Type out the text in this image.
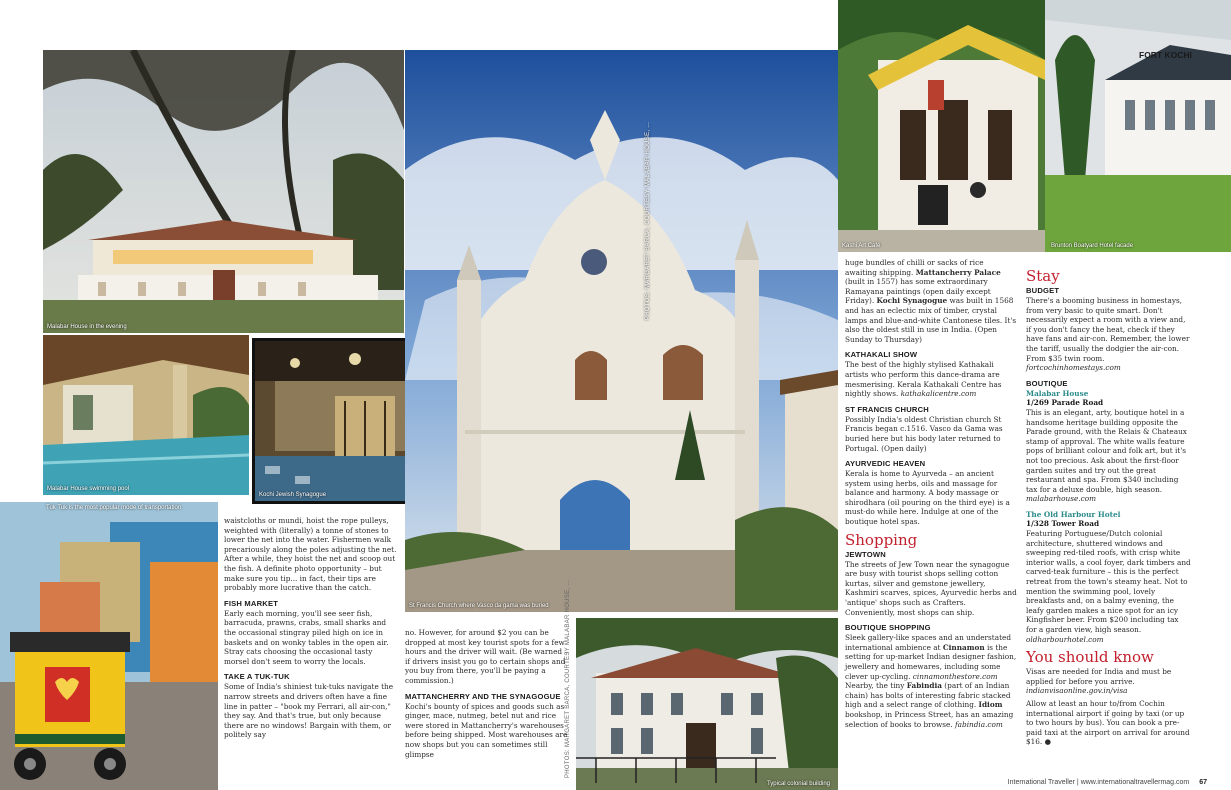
Malabar House in the evening
Malabar House swimming pool
Kochi Jewish Synagogue
Tuk Tuk is the most popular mode of transportation
St Francis Church where Vasco da gama was buried
PHOTOS: MARGARET BARCA, COURTESY MALABAR HOUSE, ...	Kashi Art Café	Brunton Boatyard Hotel facade
FORT KOCHI
Typical colonial building
PHOTOS: MARGARET BARCA, COURTESY MALABAR HOUSE, ...

waistcloths or mundi, hoist the rope pulleys, weighted with (literally) a tonne of stones to lower the net into the water. Fishermen walk precariously along the poles adjusting the net. After a while, they hoist the net and scoop out the fish. A definite photo opportunity – but make sure you tip... in fact, their tips are probably more lucrative than the catch.

FISH MARKET

Early each morning, you'll see seer fish, barracuda, prawns, crabs, small sharks and the occasional stingray piled high on ice in baskets and on wonky tables in the open air. Stray cats choosing the occasional tasty morsel don't seem to worry the locals.

TAKE A TUK-TUK

Some of India's shiniest tuk-tuks navigate the narrow streets and drivers often have a fine line in patter – "book my Ferrari, all air-con," they say. And that's true, but only because there are no windows! Bargain with them, or politely say

no. However, for around $2 you can be dropped at most key tourist spots for a few hours and the driver will wait. (Be warned – if drivers insist you go to certain shops and you buy from there, you'll be paying a commission.)

MATTANCHERRY AND THE SYNAGOGUE

Kochi's bounty of spices and goods such as ginger, mace, nutmeg, betel nut and rice were stored in Mattancherry's warehouses before being shipped. Most warehouses are now shops but you can sometimes still glimpse

huge bundles of chilli or sacks of rice awaiting shipping. Mattancherry Palace (built in 1557) has some extraordinary Ramayana paintings (open daily except Friday). Kochi Synagogue was built in 1568 and has an eclectic mix of timber, crystal lamps and blue-and-white Cantonese tiles. It's also the oldest still in use in India. (Open Sunday to Thursday)

KATHAKALI SHOW

The best of the highly stylised Kathakali artists who perform this dance-drama are mesmerising. Kerala Kathakali Centre has nightly shows. kathakalicentre.com

ST FRANCIS CHURCH

Possibly India's oldest Christian church St Francis began c.1516. Vasco da Gama was buried here but his body later returned to Portugal. (Open daily)

AYURVEDIC HEAVEN

Kerala is home to Ayurveda – an ancient system using herbs, oils and massage for balance and harmony. A body massage or shirodhara (oil pouring on the third eye) is a must-do while here. Indulge at one of the boutique hotel spas.

Shopping
JEWTOWN

The streets of Jew Town near the synagogue are busy with tourist shops selling cotton kurtas, silver and gemstone jewellery, Kashmiri scarves, spices, Ayurvedic herbs and 'antique' shops such as Crafters. Conveniently, most shops can ship.

BOUTIQUE SHOPPING

Sleek gallery-like spaces and an understated international ambience at Cinnamon is the setting for up-market Indian designer fashion, jewellery and homewares, including some clever up-cycling. cinnamonthestore.com Nearby, the tiny Fabindia (part of an Indian chain) has bolts of interesting fabric stacked high and a select range of clothing. Idiom bookshop, in Princess Street, has an amazing selection of books to browse. fabindia.com

Stay
BUDGET

There's a booming business in homestays, from very basic to quite smart. Don't necessarily expect a room with a view and, if you don't fancy the heat, check if they have fans and air-con. Remember, the lower the tariff, usually the dodgier the air-con. From $35 twin room. fortcochinhomestays.com

BOUTIQUE
Malabar House
1/269 Parade Road

This is an elegant, arty, boutique hotel in a handsome heritage building opposite the Parade ground, with the Relais & Chateaux stamp of approval. The white walls feature pops of brilliant colour and folk art, but it's not too precious. Ask about the first-floor garden suites and try out the great restaurant and spa. From $340 including tax for a deluxe double, high season. malabarhouse.com

The Old Harbour Hotel
1/328 Tower Road

Featuring Portuguese/Dutch colonial architecture, shuttered windows and sweeping red-tiled roofs, with crisp white interior walls, a cool foyer, dark timbers and carved-teak furniture – this is the perfect retreat from the town's steamy heat. Not to mention the swimming pool, lovely breakfasts and, on a balmy evening, the leafy garden makes a nice spot for an icy Kingfisher beer. From $200 including tax for a garden view, high season. oldharbourhotel.com

You should know

Visas are needed for India and must be applied for before you arrive. indianvisaonline.gov.in/visa

Allow at least an hour to/from Cochin international airport if going by taxi (or up to two hours by bus). You can book a pre-paid taxi at the airport on arrival for around $16. ●

International Traveller | www.internationaltravellermag.com 67
